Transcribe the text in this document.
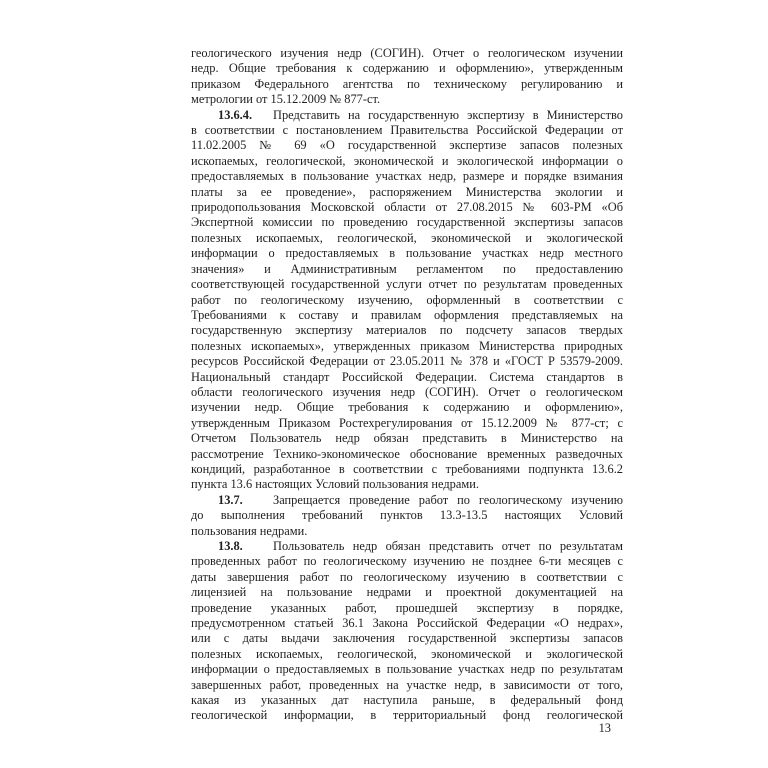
геологического изучения недр (СОГИН). Отчет о геологическом изучении
недр. Общие требования к содержанию и оформлению», утвержденным
приказом Федерального агентства по техническому регулированию и
метрологии от 15.12.2009 № 877-ст.
13.6.4. Представить на государственную экспертизу в Министерство
в соответствии с постановлением Правительства Российской Федерации от
11.02.2005 № 69 «О государственной экспертизе запасов полезных
ископаемых, геологической, экономической и экологической информации о
предоставляемых в пользование участках недр, размере и порядке взимания
платы за ее проведение», распоряжением Министерства экологии и
природопользования Московской области от 27.08.2015 № 603-РМ «Об
Экспертной комиссии по проведению государственной экспертизы запасов
полезных ископаемых, геологической, экономической и экологической
информации о предоставляемых в пользование участках недр местного
значения» и Административным регламентом по предоставлению
соответствующей государственной услуги отчет по результатам проведенных
работ по геологическому изучению, оформленный в соответствии с
Требованиями к составу и правилам оформления представляемых на
государственную экспертизу материалов по подсчету запасов твердых
полезных ископаемых», утвержденных приказом Министерства природных
ресурсов Российской Федерации от 23.05.2011 № 378 и «ГОСТ Р 53579-2009.
Национальный стандарт Российской Федерации. Система стандартов в
области геологического изучения недр (СОГИН). Отчет о геологическом
изучении недр. Общие требования к содержанию и оформлению»,
утвержденным Приказом Ростехрегулирования от 15.12.2009 № 877-ст; с
Отчетом Пользователь недр обязан представить в Министерство на
рассмотрение Технико-экономическое обоснование временных разведочных
кондиций, разработанное в соответствии с требованиями подпункта 13.6.2
пункта 13.6 настоящих Условий пользования недрами.
13.7. Запрещается проведение работ по геологическому изучению
до выполнения требований пунктов 13.3-13.5 настоящих Условий
пользования недрами.
13.8. Пользователь недр обязан представить отчет по результатам
проведенных работ по геологическому изучению не позднее 6-ти месяцев с
даты завершения работ по геологическому изучению в соответствии с
лицензией на пользование недрами и проектной документацией на
проведение указанных работ, прошедшей экспертизу в порядке,
предусмотренном статьей 36.1 Закона Российской Федерации «О недрах»,
или с даты выдачи заключения государственной экспертизы запасов
полезных ископаемых, геологической, экономической и экологической
информации о предоставляемых в пользование участках недр по результатам
завершенных работ, проведенных на участке недр, в зависимости от того,
какая из указанных дат наступила раньше, в федеральный фонд
геологической информации, в территориальный фонд геологической
13
